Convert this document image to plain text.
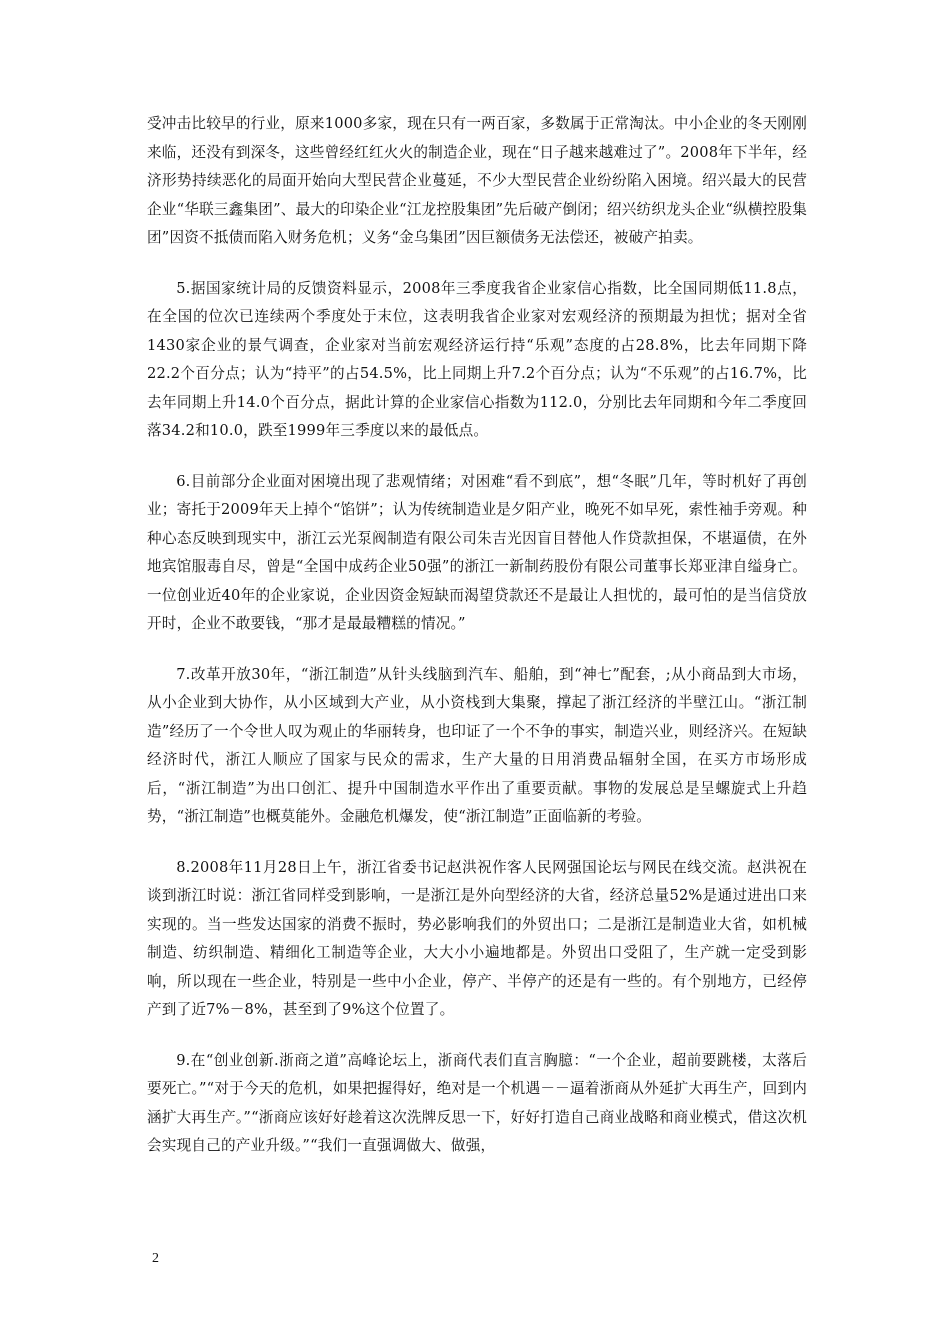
受冲击比较早的行业，原来1000多家，现在只有一两百家，多数属于正常淘汰。中小企业的冬天刚刚来临，还没有到深冬，这些曾经红红火火的制造企业，现在“日子越来越难过了”。2008年下半年，经济形势持续恶化的局面开始向大型民营企业蔓延，不少大型民营企业纷纷陷入困境。绍兴最大的民营企业“华联三鑫集团”、最大的印染企业“江龙控股集团”先后破产倒闭；绍兴纺织龙头企业“纵横控股集团”因资不抵债而陷入财务危机；义务“金乌集团”因巨额债务无法偿还，被破产拍卖。

5.据国家统计局的反馈资料显示，2008年三季度我省企业家信心指数，比全国同期低11.8点，在全国的位次已连续两个季度处于末位，这表明我省企业家对宏观经济的预期最为担忧；据对全省1430家企业的景气调查，企业家对当前宏观经济运行持“乐观”态度的占28.8%，比去年同期下降22.2个百分点；认为“持平”的占54.5%，比上同期上升7.2个百分点；认为“不乐观”的占16.7%，比去年同期上升14.0个百分点，据此计算的企业家信心指数为112.0，分别比去年同期和今年二季度回落34.2和10.0，跌至1999年三季度以来的最低点。

6.目前部分企业面对困境出现了悲观情绪；对困难“看不到底”，想“冬眠”几年，等时机好了再创业；寄托于2009年天上掉个“馅饼”；认为传统制造业是夕阳产业，晚死不如早死，索性袖手旁观。种种心态反映到现实中，浙江云光泵阀制造有限公司朱吉光因盲目替他人作贷款担保，不堪逼债，在外地宾馆服毒自尽，曾是“全国中成药企业50强”的浙江一新制药股份有限公司董事长郑亚津自缢身亡。一位创业近40年的企业家说，企业因资金短缺而渴望贷款还不是最让人担忧的，最可怕的是当信贷放开时，企业不敢要钱，“那才是最最糟糕的情况。”

7.改革开放30年，“浙江制造”从针头线脑到汽车、船舶，到“神七”配套，;从小商品到大市场，从小企业到大协作，从小区域到大产业，从小资栈到大集聚，撑起了浙江经济的半壁江山。“浙江制造”经历了一个令世人叹为观止的华丽转身，也印证了一个不争的事实，制造兴业，则经济兴。在短缺经济时代，浙江人顺应了国家与民众的需求，生产大量的日用消费品辐射全国，在买方市场形成后，“浙江制造”为出口创汇、提升中国制造水平作出了重要贡献。事物的发展总是呈螺旋式上升趋势，“浙江制造”也概莫能外。金融危机爆发，使“浙江制造”正面临新的考验。

8.2008年11月28日上午，浙江省委书记赵洪祝作客人民网强国论坛与网民在线交流。赵洪祝在谈到浙江时说：浙江省同样受到影响，一是浙江是外向型经济的大省，经济总量52%是通过进出口来实现的。当一些发达国家的消费不振时，势必影响我们的外贸出口；二是浙江是制造业大省，如机械制造、纺织制造、精细化工制造等企业，大大小小遍地都是。外贸出口受阻了，生产就一定受到影响，所以现在一些企业，特别是一些中小企业，停产、半停产的还是有一些的。有个别地方，已经停产到了近7%－8%，甚至到了9%这个位置了。

9.在“创业创新.浙商之道”高峰论坛上，浙商代表们直言胸臆：“一个企业，超前要跳楼，太落后要死亡。”“对于今天的危机，如果把握得好，绝对是一个机遇－－逼着浙商从外延扩大再生产，回到内涵扩大再生产。”“浙商应该好好趁着这次洗牌反思一下，好好打造自己商业战略和商业模式，借这次机会实现自己的产业升级。”“我们一直强调做大、做强，

2
